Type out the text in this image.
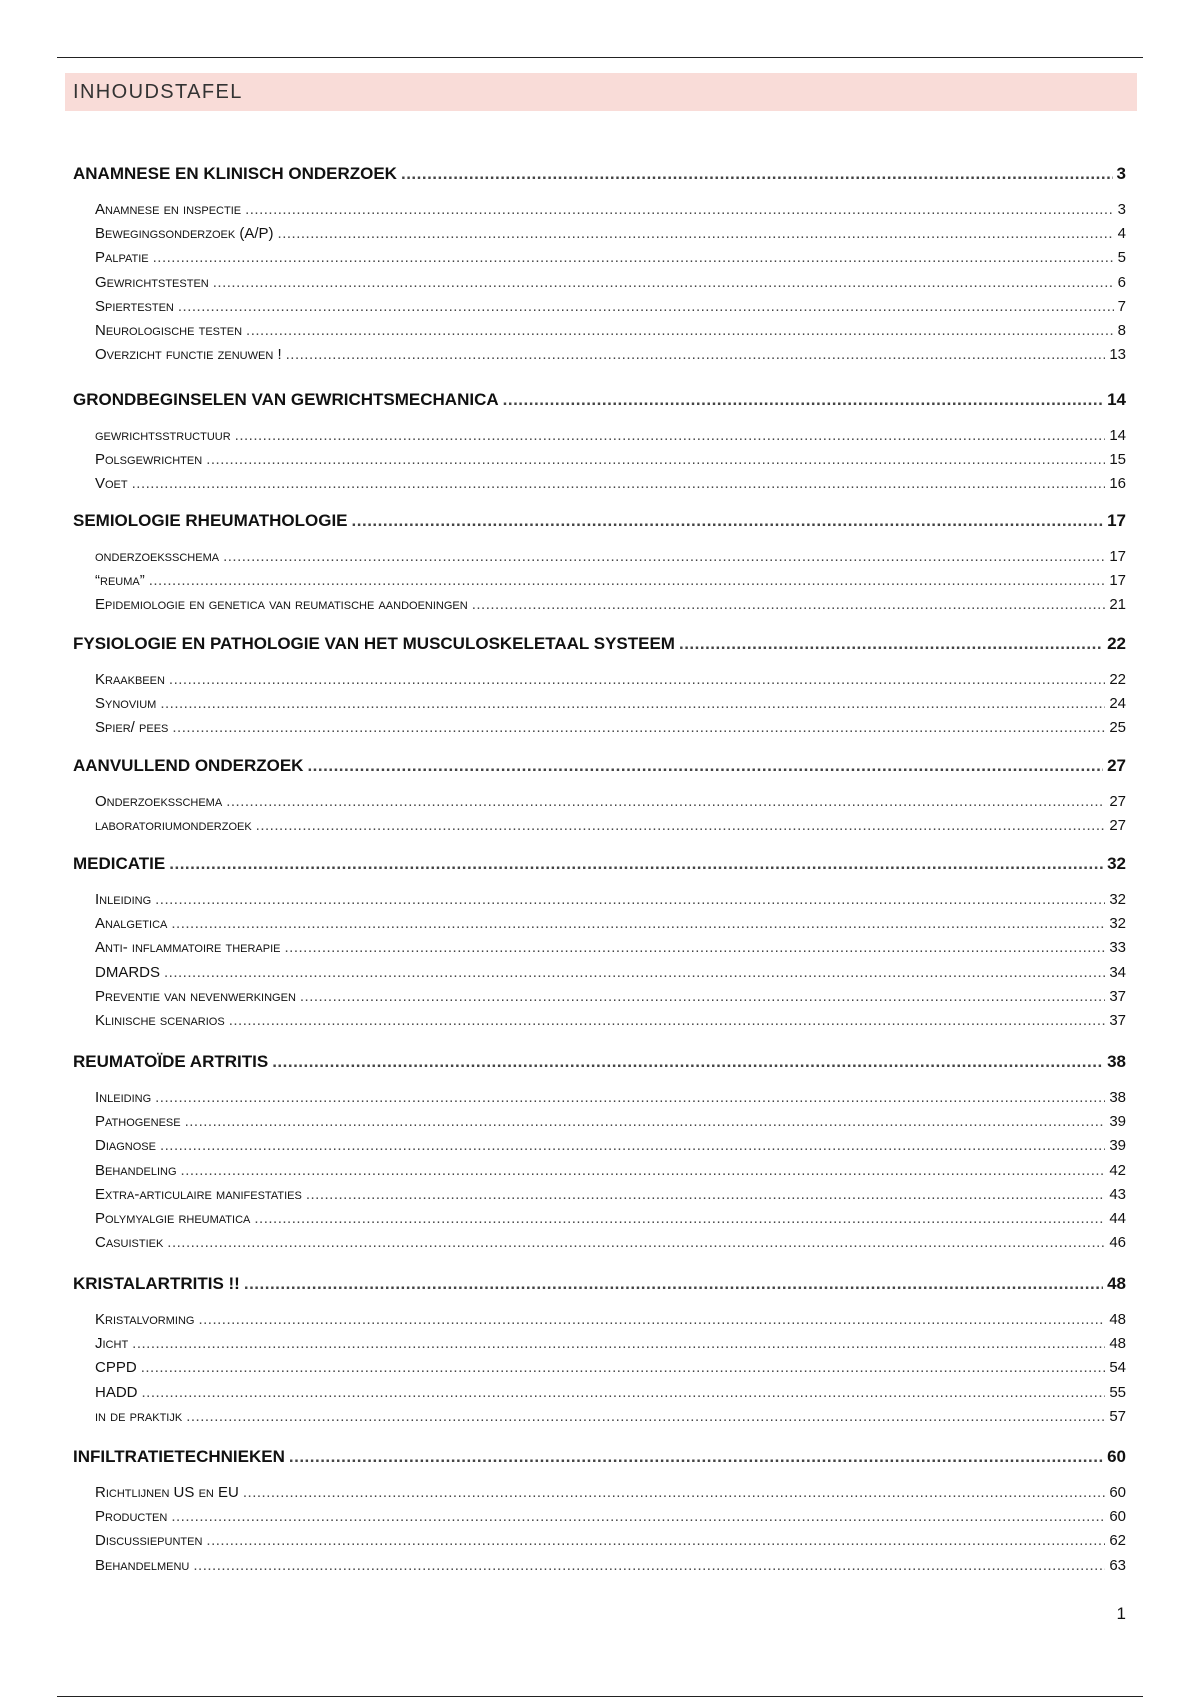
INHOUDSTAFEL
ANAMNESE EN KLINISCH ONDERZOEK .....	3
Anamnese en inspectie .....	3
Bewegingsonderzoek (A/P) .....	4
Palpatie .....	5
Gewrichtstesten .....	6
Spiertesten .....	7
Neurologische testen .....	8
Overzicht functie zenuwen ! .....	13
GRONDBEGINSELEN VAN GEWRICHTSMECHANICA .....	14
gewrichtsstructuur .....	14
Polsgewrichten .....	15
Voet .....	16
SEMIOLOGIE RHEUMATHOLOGIE .....	17
onderzoeksschema .....	17
“reuma” .....	17
Epidemiologie en genetica van reumatische aandoeningen .....	21
FYSIOLOGIE EN PATHOLOGIE VAN HET MUSCULOSKELETAAL SYSTEEM .....	22
Kraakbeen .....	22
Synovium .....	24
Spier/ pees .....	25
AANVULLEND ONDERZOEK .....	27
Onderzoeksschema .....	27
laboratoriumonderzoek .....	27
MEDICATIE .....	32
Inleiding .....	32
Analgetica .....	32
Anti- inflammatoire therapie .....	33
DMARDS .....	34
Preventie van nevenwerkingen .....	37
Klinische scenarios .....	37
REUMATOÏDE ARTRITIS .....	38
Inleiding .....	38
Pathogenese .....	39
Diagnose .....	39
Behandeling .....	42
Extra-articulaire manifestaties .....	43
Polymyalgie rheumatica .....	44
Casuistiek .....	46
KRISTALARTRITIS !! .....	48
Kristalvorming .....	48
Jicht .....	48
CPPD .....	54
HADD .....	55
in de praktijk .....	57
INFILTRATIETECHNIEKEN .....	60
Richtlijnen US en EU .....	60
Producten .....	60
Discussiepunten .....	62
Behandelmenu .....	63
1
